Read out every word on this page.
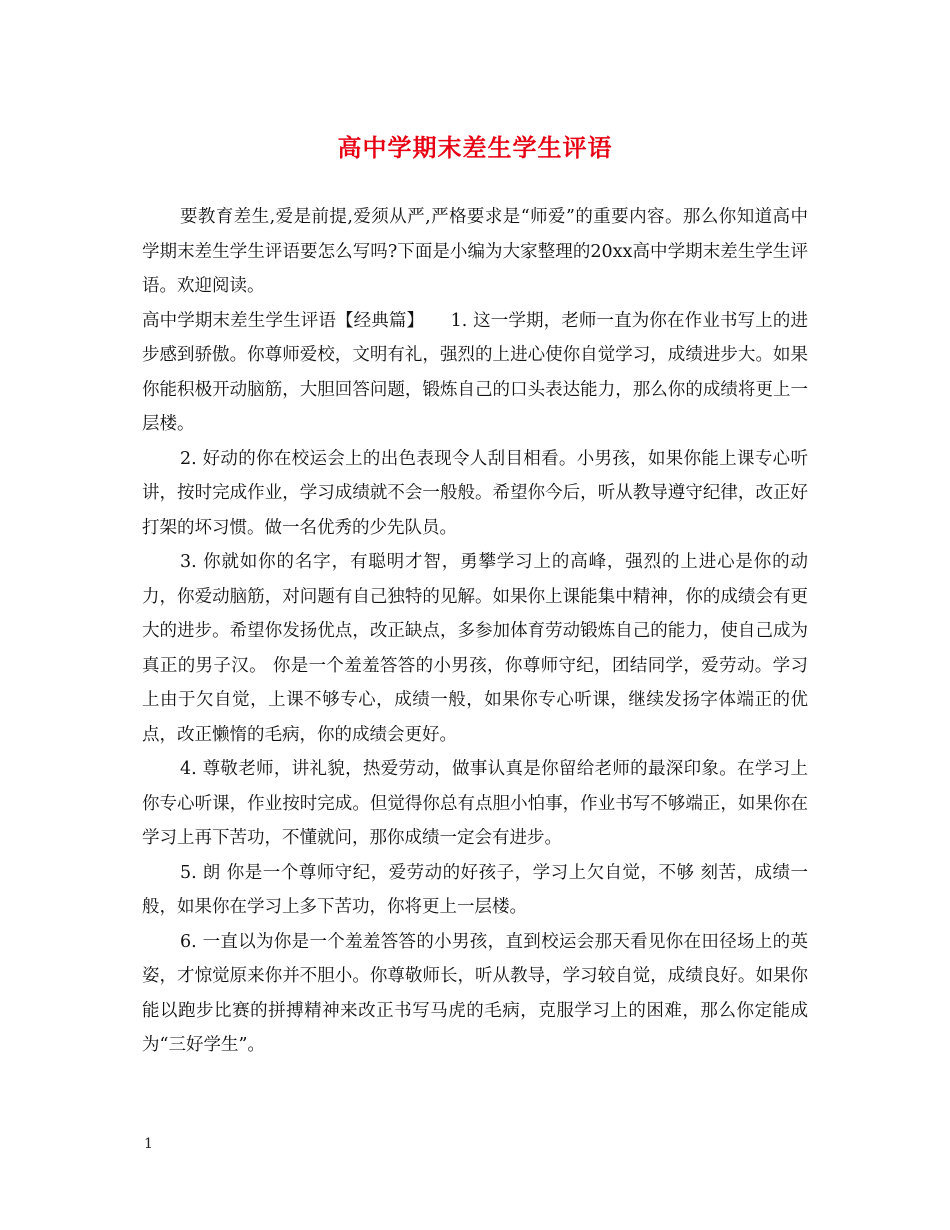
高中学期末差生学生评语

要教育差生,爱是前提,爱须从严,严格要求是“师爱”的重要内容。那么你知道高中学期末差生学生评语要怎么写吗?下面是小编为大家整理的20xx高中学期末差生学生评语。欢迎阅读。

高中学期末差生学生评语【经典篇】　　1. 这一学期，老师一直为你在作业书写上的进步感到骄傲。你尊师爱校，文明有礼，强烈的上进心使你自觉学习，成绩进步大。如果你能积极开动脑筋，大胆回答问题，锻炼自己的口头表达能力，那么你的成绩将更上一层楼。

2. 好动的你在校运会上的出色表现令人刮目相看。小男孩，如果你能上课专心听讲，按时完成作业，学习成绩就不会一般般。希望你今后，听从教导遵守纪律，改正好打架的坏习惯。做一名优秀的少先队员。

3. 你就如你的名字，有聪明才智，勇攀学习上的高峰，强烈的上进心是你的动力，你爱动脑筋，对问题有自己独特的见解。如果你上课能集中精神，你的成绩会有更大的进步。希望你发扬优点，改正缺点，多参加体育劳动锻炼自己的能力，使自己成为真正的男子汉。 你是一个羞羞答答的小男孩，你尊师守纪，团结同学，爱劳动。学习上由于欠自觉，上课不够专心，成绩一般，如果你专心听课，继续发扬字体端正的优点，改正懒惰的毛病，你的成绩会更好。

4. 尊敬老师，讲礼貌，热爱劳动，做事认真是你留给老师的最深印象。在学习上你专心听课，作业按时完成。但觉得你总有点胆小怕事，作业书写不够端正，如果你在学习上再下苦功，不懂就问，那你成绩一定会有进步。

5. 朗 你是一个尊师守纪，爱劳动的好孩子，学习上欠自觉，不够 刻苦，成绩一般，如果你在学习上多下苦功，你将更上一层楼。

6. 一直以为你是一个羞羞答答的小男孩，直到校运会那天看见你在田径场上的英姿，才惊觉原来你并不胆小。你尊敬师长，听从教导，学习较自觉，成绩良好。如果你能以跑步比赛的拼搏精神来改正书写马虎的毛病，克服学习上的困难，那么你定能成为“三好学生”。

1
